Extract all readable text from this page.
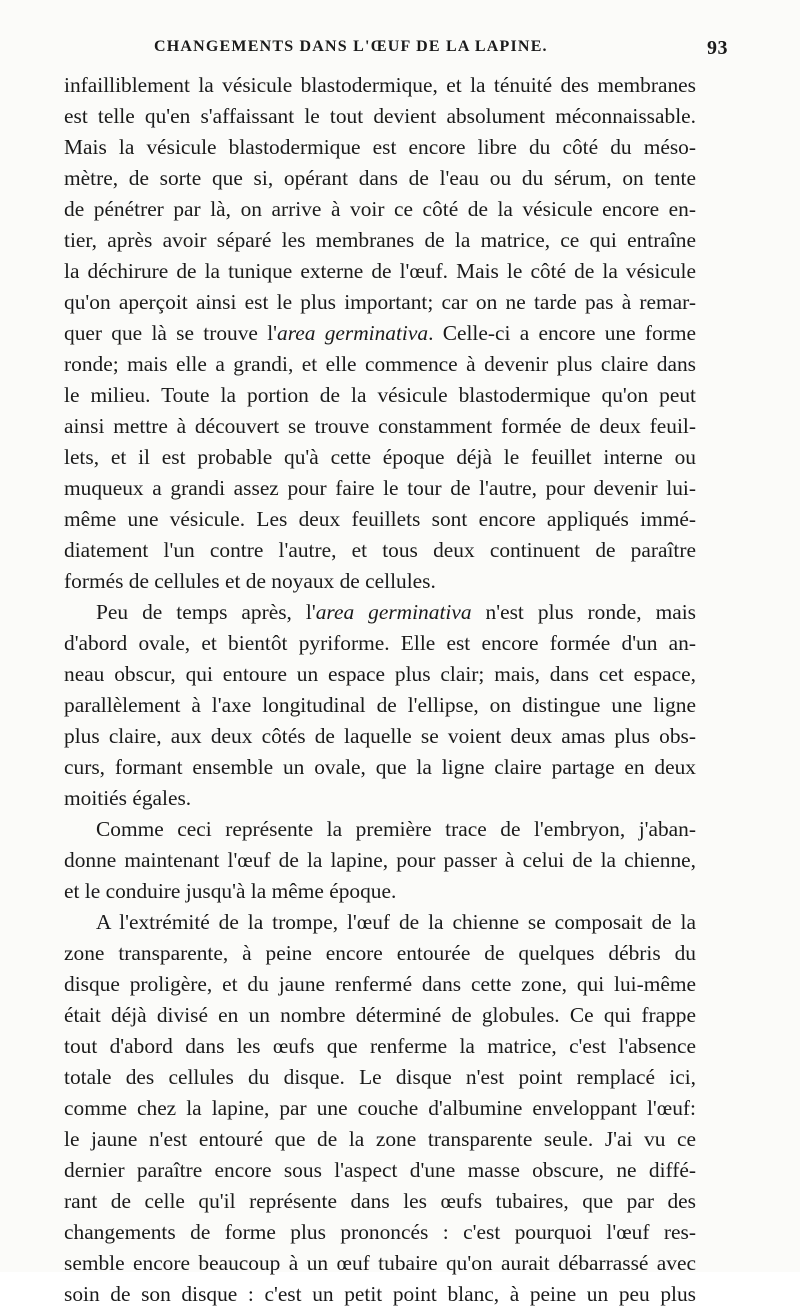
CHANGEMENTS DANS L'ŒUF DE LA LAPINE.	93
infailliblement la vésicule blastodermique, et la ténuité des membranes
est telle qu'en s'affaissant le tout devient absolument méconnaissable.
Mais la vésicule blastodermique est encore libre du côté du méso-
mètre, de sorte que si, opérant dans de l'eau ou du sérum, on tente
de pénétrer par là, on arrive à voir ce côté de la vésicule encore en-
tier, après avoir séparé les membranes de la matrice, ce qui entraîne
la déchirure de la tunique externe de l'œuf. Mais le côté de la vésicule
qu'on aperçoit ainsi est le plus important; car on ne tarde pas à remar-
quer que là se trouve l'area germinativa. Celle-ci a encore une forme
ronde; mais elle a grandi, et elle commence à devenir plus claire dans
le milieu. Toute la portion de la vésicule blastodermique qu'on peut
ainsi mettre à découvert se trouve constamment formée de deux feuil-
lets, et il est probable qu'à cette époque déjà le feuillet interne ou
muqueux a grandi assez pour faire le tour de l'autre, pour devenir lui-
même une vésicule. Les deux feuillets sont encore appliqués immé-
diatement l'un contre l'autre, et tous deux continuent de paraître
formés de cellules et de noyaux de cellules.
Peu de temps après, l'area germinativa n'est plus ronde, mais
d'abord ovale, et bientôt pyriforme. Elle est encore formée d'un an-
neau obscur, qui entoure un espace plus clair; mais, dans cet espace,
parallèlement à l'axe longitudinal de l'ellipse, on distingue une ligne
plus claire, aux deux côtés de laquelle se voient deux amas plus obs-
curs, formant ensemble un ovale, que la ligne claire partage en deux
moitiés égales.
Comme ceci représente la première trace de l'embryon, j'aban-
donne maintenant l'œuf de la lapine, pour passer à celui de la chienne,
et le conduire jusqu'à la même époque.
A l'extrémité de la trompe, l'œuf de la chienne se composait de la
zone transparente, à peine encore entourée de quelques débris du
disque proligère, et du jaune renfermé dans cette zone, qui lui-même
était déjà divisé en un nombre déterminé de globules. Ce qui frappe
tout d'abord dans les œufs que renferme la matrice, c'est l'absence
totale des cellules du disque. Le disque n'est point remplacé ici,
comme chez la lapine, par une couche d'albumine enveloppant l'œuf:
le jaune n'est entouré que de la zone transparente seule. J'ai vu ce
dernier paraître encore sous l'aspect d'une masse obscure, ne diffé-
rant de celle qu'il représente dans les œufs tubaires, que par des
changements de forme plus prononcés : c'est pourquoi l'œuf res-
semble encore beaucoup à un œuf tubaire qu'on aurait débarrassé avec
soin de son disque : c'est un petit point blanc, à peine un peu plus
